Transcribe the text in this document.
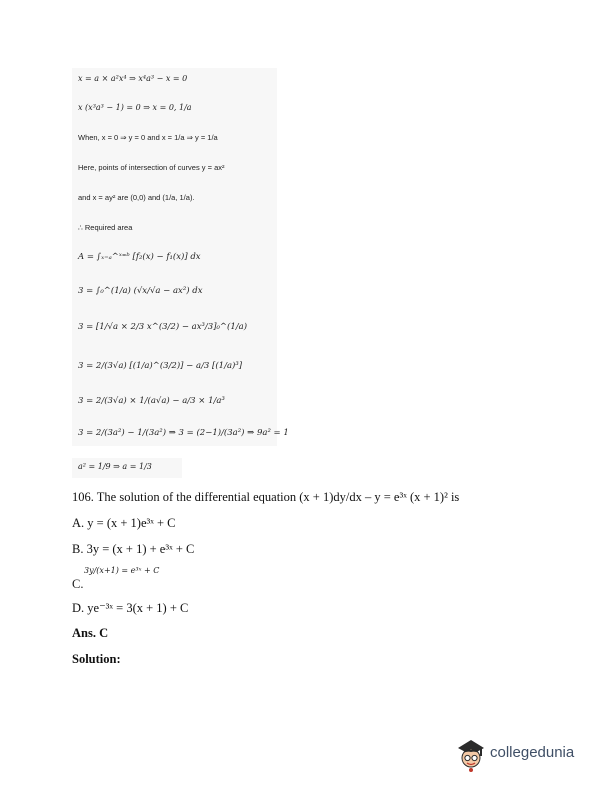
x = a × a²x⁴ ⇒ x⁴a³ − x = 0
x (x³a³ − 1) = 0 ⇒ x = 0, 1/a
When, x = 0 ⇒ y = 0 and x = 1/a ⇒ y = 1/a
Here, points of intersection of curves y = ax²
and x = ay² are (0,0) and (1/a, 1/a).
∴ Required area
A = ∫ₓ₌ₐ^ˣ⁼ᵇ [f₂(x) − f₁(x)] dx
3 = ∫₀^(1/a) (√x/√a − ax²) dx
3 = [1/√a × 2/3 x^(3/2) − ax³/3]₀^(1/a)
3 = 2/(3√a) [(1/a)^(3/2)] − a/3 [(1/a)³]
3 = 2/(3√a) × 1/(a√a) − a/3 × 1/a³
3 = 2/(3a²) − 1/(3a²) ⇒ 3 = (2−1)/(3a²) ⇒ 9a² = 1
a² = 1/9 ⇒ a = 1/3
106. The solution of the differential equation (x + 1)dy/dx – y = e³ˣ (x + 1)² is
A. y = (x + 1)e³ˣ + C
B. 3y = (x + 1) + e³ˣ + C
3y/(x+1) = e³ˣ + C
C.
D. ye⁻³ˣ = 3(x + 1) + C
Ans. C
Solution:
collegedunia
